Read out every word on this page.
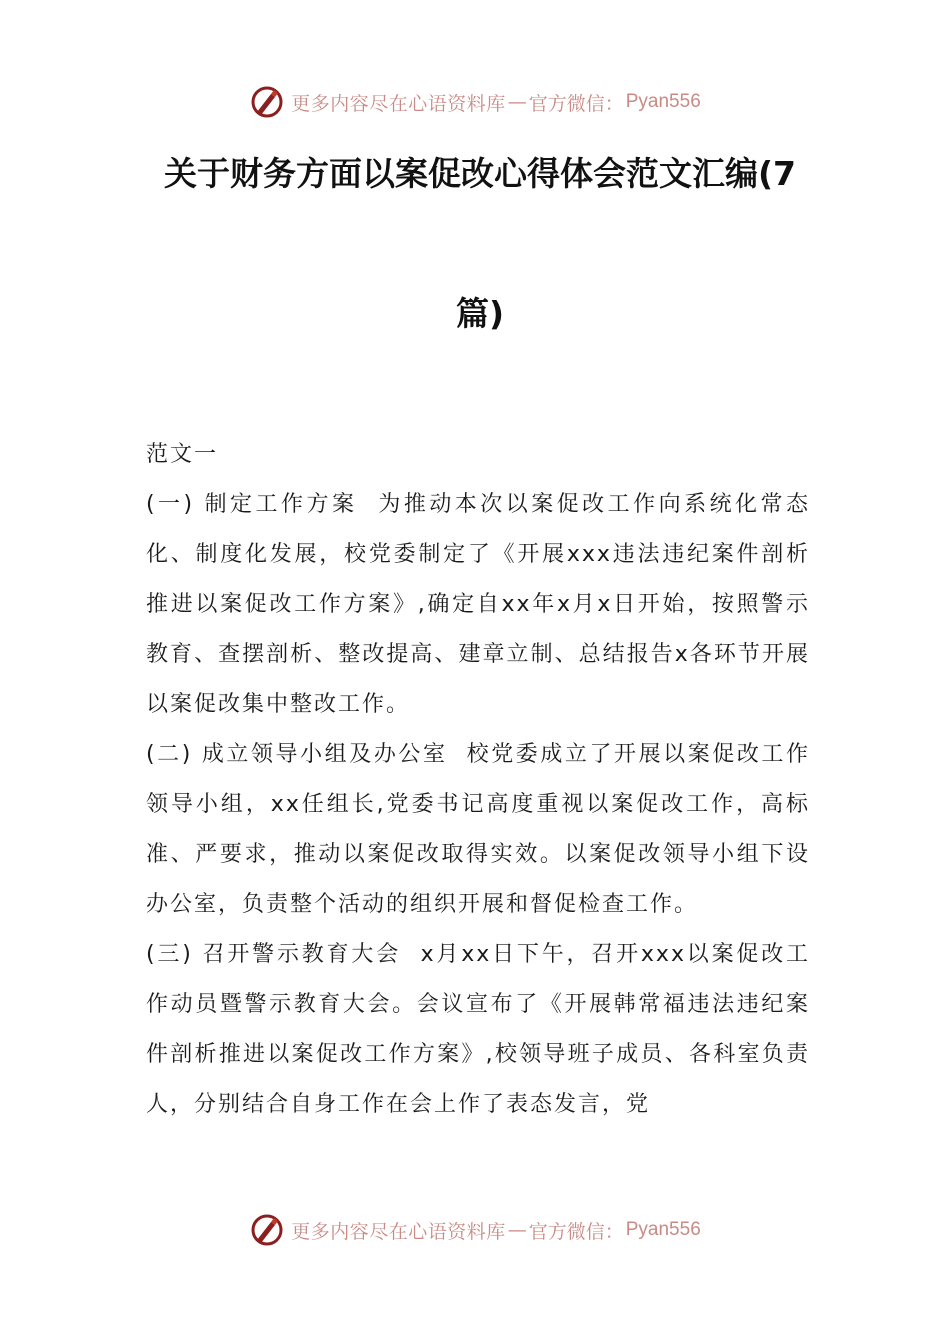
更多内容尽在心语资料库 — 官方微信： Pyan556
关于财务方面以案促改心得体会范文汇编(7
篇)

范文一

(一) 制定工作方案  为推动本次以案促改工作向系统化常态化、制度化发展，校党委制定了《开展xxx违法违纪案件剖析推进以案促改工作方案》,确定自xx年x月x日开始，按照警示教育、查摆剖析、整改提高、建章立制、总结报告x各环节开展以案促改集中整改工作。

(二) 成立领导小组及办公室  校党委成立了开展以案促改工作领导小组，xx任组长,党委书记高度重视以案促改工作，高标准、严要求，推动以案促改取得实效。以案促改领导小组下设办公室，负责整个活动的组织开展和督促检查工作。

(三) 召开警示教育大会  x月xx日下午，召开xxx以案促改工作动员暨警示教育大会。会议宣布了《开展韩常福违法违纪案件剖析推进以案促改工作方案》,校领导班子成员、各科室负责人，分别结合自身工作在会上作了表态发言，党

更多内容尽在心语资料库 — 官方微信： Pyan556
